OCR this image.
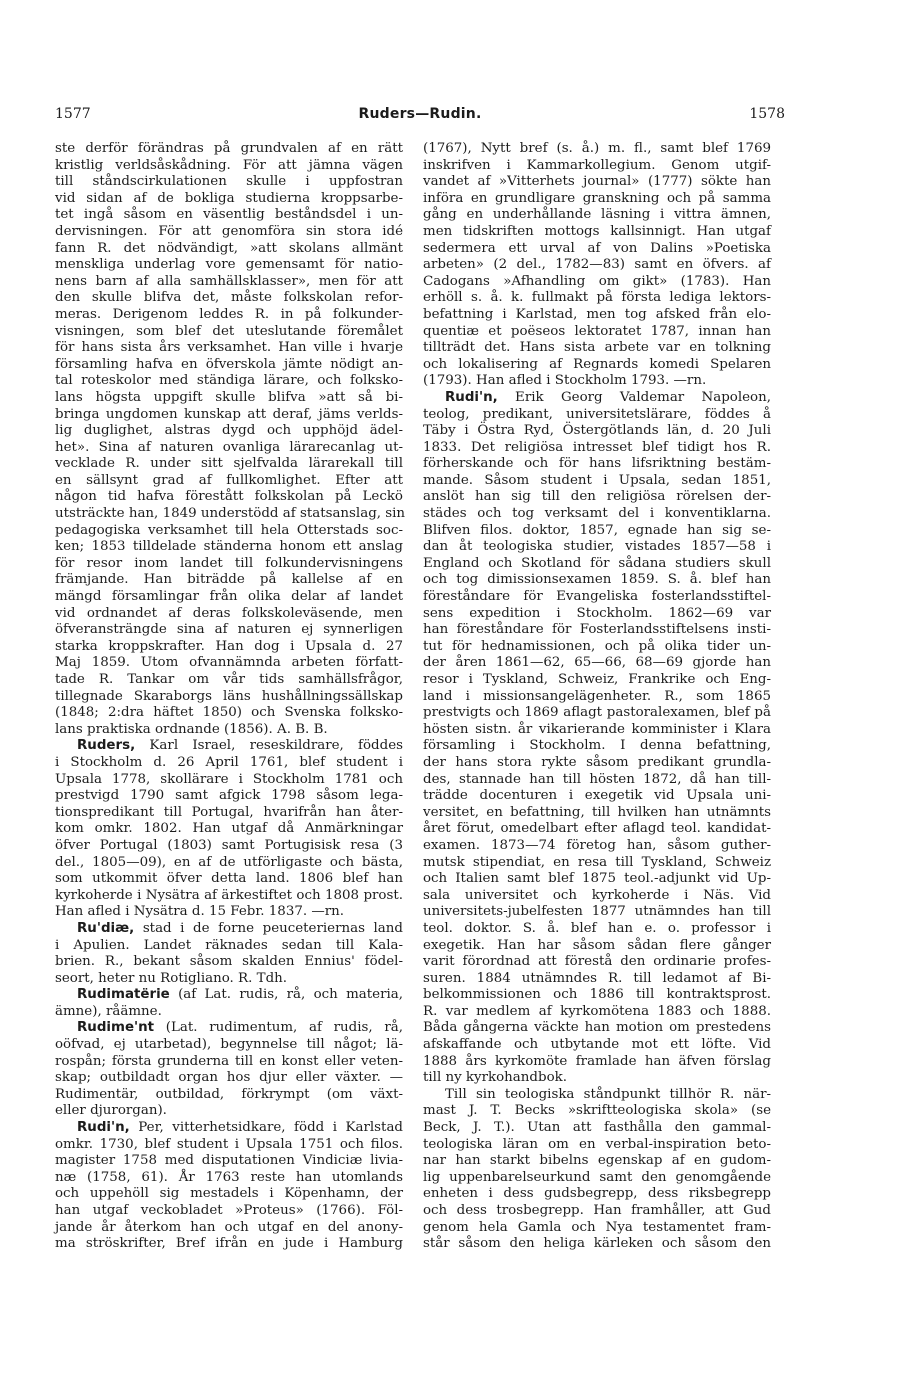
1577	Ruders—Rudin.	1578
ste derför förändras på grundvalen af en rätt
kristlig verldsåskådning. För att jämna vägen
till ståndscirkulationen skulle i uppfostran
vid sidan af de bokliga studierna kroppsarbe-
tet ingå såsom en väsentlig beståndsdel i un-
dervisningen. För att genomföra sin stora idé
fann R. det nödvändigt, »att skolans allmänt
menskliga underlag vore gemensamt för natio-
nens barn af alla samhällsklasser», men för att
den skulle blifva det, måste folkskolan refor-
meras. Derigenom leddes R. in på folkunder-
visningen, som blef det uteslutande föremålet
för hans sista års verksamhet. Han ville i hvarje
församling hafva en öfverskola jämte nödigt an-
tal roteskolor med ständiga lärare, och folksko-
lans högsta uppgift skulle blifva »att så bi-
bringa ungdomen kunskap att deraf, jäms verlds-
lig duglighet, alstras dygd och upphöjd ädel-
het». Sina af naturen ovanliga lärarecanlag ut-
vecklade R. under sitt sjelfvalda lärarekall till
en sällsynt grad af fullkomlighet. Efter att
någon tid hafva förestått folkskolan på Leckö
utsträckte han, 1849 understödd af statsanslag, sin
pedagogiska verksamhet till hela Otterstads soc-
ken; 1853 tilldelade ständerna honom ett anslag
för resor inom landet till folkundervisningens
främjande. Han biträdde på kallelse af en
mängd församlingar från olika delar af landet
vid ordnandet af deras folkskoleväsende, men
öfveransträngde sina af naturen ej synnerligen
starka kroppskrafter. Han dog i Upsala d. 27
Maj 1859. Utom ofvannämnda arbeten författ-
tade R. Tankar om vår tids samhällsfrågor,
tillegnade Skaraborgs läns hushållningssällskap
(1848; 2:dra häftet 1850) och Svenska folksko-
lans praktiska ordnande (1856). A. B. B.
Ruders, Karl Israel, reseskildrare, föddes
i Stockholm d. 26 April 1761, blef student i
Upsala 1778, skollärare i Stockholm 1781 och
prestvigd 1790 samt afgick 1798 såsom lega-
tionspredikant till Portugal, hvarifrån han åter-
kom omkr. 1802. Han utgaf då Anmärkningar
öfver Portugal (1803) samt Portugisisk resa (3
del., 1805—09), en af de utförligaste och bästa,
som utkommit öfver detta land. 1806 blef han
kyrkoherde i Nysätra af ärkestiftet och 1808 prost.
Han afled i Nysätra d. 15 Febr. 1837. —rn.
Ru'diæ, stad i de forne peuceteriernas land
i Apulien. Landet räknades sedan till Kala-
brien. R., bekant såsom skalden Ennius' födel-
seort, heter nu Rotigliano. R. Tdh.
Rudimatërie (af Lat. rudis, rå, och materia,
ämne), råämne.
Rudime'nt (Lat. rudimentum, af rudis, rå,
oöfvad, ej utarbetad), begynnelse till något; lä-
rospån; första grunderna till en konst eller veten-
skap; outbildadt organ hos djur eller växter. —
Rudimentär, outbildad, förkrympt (om växt-
eller djurorgan).
Rudi'n, Per, vitterhetsidkare, född i Karlstad
omkr. 1730, blef student i Upsala 1751 och filos.
magister 1758 med disputationen Vindiciæ livia-
næ (1758, 61). År 1763 reste han utomlands
och uppehöll sig mestadels i Köpenhamn, der
han utgaf veckobladet »Proteus» (1766). Föl-
jande år återkom han och utgaf en del anony-
ma ströskrifter, Bref ifrån en jude i Hamburg
(1767), Nytt bref (s. å.) m. fl., samt blef 1769
inskrifven i Kammarkollegium. Genom utgif-
vandet af »Vitterhets journal» (1777) sökte han
införa en grundligare granskning och på samma
gång en underhållande läsning i vittra ämnen,
men tidskriften mottogs kallsinnigt. Han utgaf
sedermera ett urval af von Dalins »Poetiska
arbeten» (2 del., 1782—83) samt en öfvers. af
Cadogans »Afhandling om gikt» (1783). Han
erhöll s. å. k. fullmakt på första lediga lektors-
befattning i Karlstad, men tog afsked från elo-
quentiæ et poëseos lektoratet 1787, innan han
tillträdt det. Hans sista arbete var en tolkning
och lokalisering af Regnards komedi Spelaren
(1793). Han afled i Stockholm 1793. —rn.
Rudi'n, Erik Georg Valdemar Napoleon,
teolog, predikant, universitetslärare, föddes å
Täby i Östra Ryd, Östergötlands län, d. 20 Juli
1833. Det religiösa intresset blef tidigt hos R.
förherskande och för hans lifsriktning bestäm-
mande. Såsom student i Upsala, sedan 1851,
anslöt han sig till den religiösa rörelsen der-
städes och tog verksamt del i konventiklarna.
Blifven filos. doktor, 1857, egnade han sig se-
dan åt teologiska studier, vistades 1857—58 i
England och Skotland för sådana studiers skull
och tog dimissionsexamen 1859. S. å. blef han
föreståndare för Evangeliska fosterlandsstiftel-
sens expedition i Stockholm. 1862—69 var
han föreståndare för Fosterlandsstiftelsens insti-
tut för hednamissionen, och på olika tider un-
der åren 1861—62, 65—66, 68—69 gjorde han
resor i Tyskland, Schweiz, Frankrike och Eng-
land i missionsangelägenheter. R., som 1865
prestvigts och 1869 aflagt pastoralexamen, blef på
hösten sistn. år vikarierande komminister i Klara
församling i Stockholm. I denna befattning,
der hans stora rykte såsom predikant grundla-
des, stannade han till hösten 1872, då han till-
trädde docenturen i exegetik vid Upsala uni-
versitet, en befattning, till hvilken han utnämnts
året förut, omedelbart efter aflagd teol. kandidat-
examen. 1873—74 företog han, såsom guther-
mutsk stipendiat, en resa till Tyskland, Schweiz
och Italien samt blef 1875 teol.-adjunkt vid Up-
sala universitet och kyrkoherde i Näs. Vid
universitets-jubelfesten 1877 utnämndes han till
teol. doktor. S. å. blef han e. o. professor i
exegetik. Han har såsom sådan flere gånger
varit förordnad att förestå den ordinarie profes-
suren. 1884 utnämndes R. till ledamot af Bi-
belkommissionen och 1886 till kontraktsprost.
R. var medlem af kyrkomötena 1883 och 1888.
Båda gångerna väckte han motion om prestedens
afskaffande och utbytande mot ett löfte. Vid
1888 års kyrkomöte framlade han äfven förslag
till ny kyrkohandbok.
Till sin teologiska ståndpunkt tillhör R. när-
mast J. T. Becks »skriftteologiska skola» (se
Beck, J. T.). Utan att fasthålla den gammal-
teologiska läran om en verbal-inspiration beto-
nar han starkt bibelns egenskap af en gudom-
lig uppenbarelseurkund samt den genomgående
enheten i dess gudsbegrepp, dess riksbegrepp
och dess trosbegrepp. Han framhåller, att Gud
genom hela Gamla och Nya testamentet fram-
står såsom den heliga kärleken och såsom den
